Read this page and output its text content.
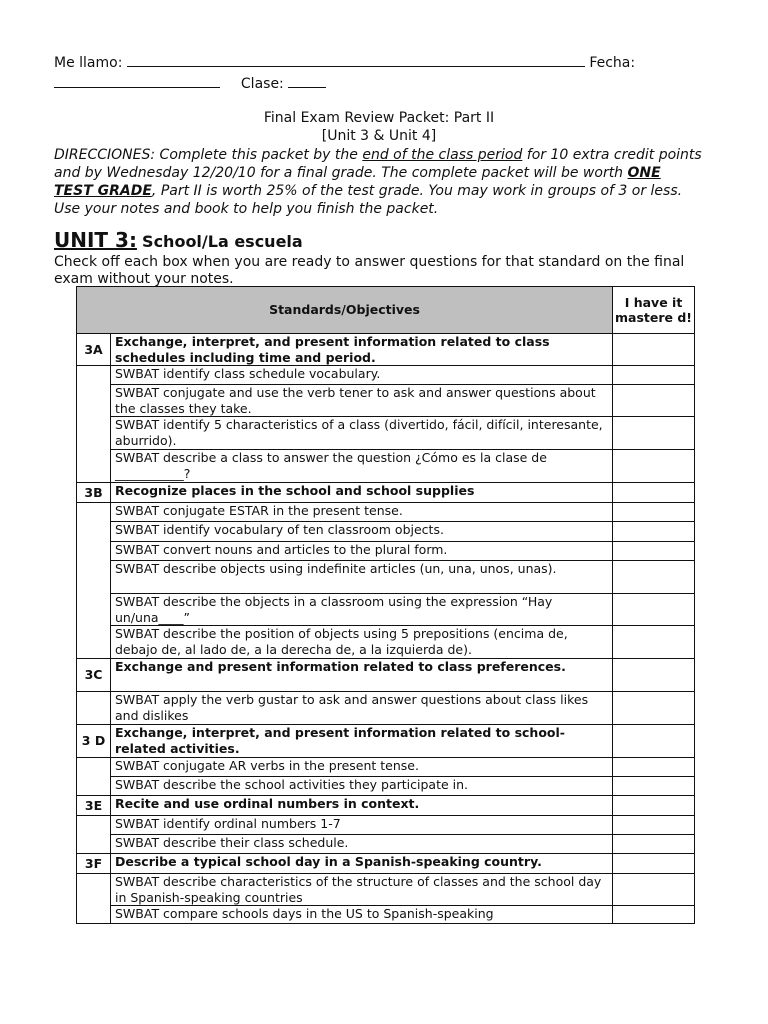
Me llamo:	Fecha:
Clase:
Final Exam Review Packet: Part II
[Unit 3 & Unit 4]
DIRECCIONES: Complete this packet by the end of the class period for 10 extra credit points and by Wednesday 12/20/10 for a final grade. The complete packet will be worth ONE TEST GRADE, Part II is worth 25% of the test grade. You may work in groups of 3 or less. Use your notes and book to help you finish the packet.
UNIT 3: School/La escuela
Check off each box when you are ready to answer questions for that standard on the final exam without your notes.
Standards/Objectives		I have it mastere d!
3A	Exchange, interpret, and present information related to class schedules including time and period.	
	SWBAT identify class schedule vocabulary.	
	SWBAT conjugate and use the verb tener to ask and answer questions about the classes they take.	
	SWBAT identify 5 characteristics of a class (divertido, fácil, difícil, interesante, aburrido).	
	SWBAT describe a class to answer the question ¿Cómo es la clase de ___________?	
3B	Recognize places in the school and school supplies	
	SWBAT conjugate ESTAR in the present tense.	
	SWBAT identify vocabulary of ten classroom objects.	
	SWBAT convert nouns and articles to the plural form.	
	SWBAT describe objects using indefinite articles (un, una, unos, unas).	
	SWBAT describe the objects in a classroom using the expression “Hay un/una____”	
	SWBAT describe the position of objects using 5 prepositions (encima de, debajo de, al lado de, a la derecha de, a la izquierda de).	
3C	Exchange and present information related to class preferences.	
	SWBAT apply the verb gustar to ask and answer questions about class likes and dislikes	
3 D	Exchange, interpret, and present information related to school-related activities.	
	SWBAT conjugate AR verbs in the present tense.	
	SWBAT describe the school activities they participate in.	
3E	Recite and use ordinal numbers in context.	
	SWBAT identify ordinal numbers 1-7	
	SWBAT describe their class schedule.	
3F	Describe a typical school day in a Spanish-speaking country.	
	SWBAT describe characteristics of the structure of classes and the school day in Spanish-speaking countries	
	SWBAT compare schools days in the US to Spanish-speaking	
